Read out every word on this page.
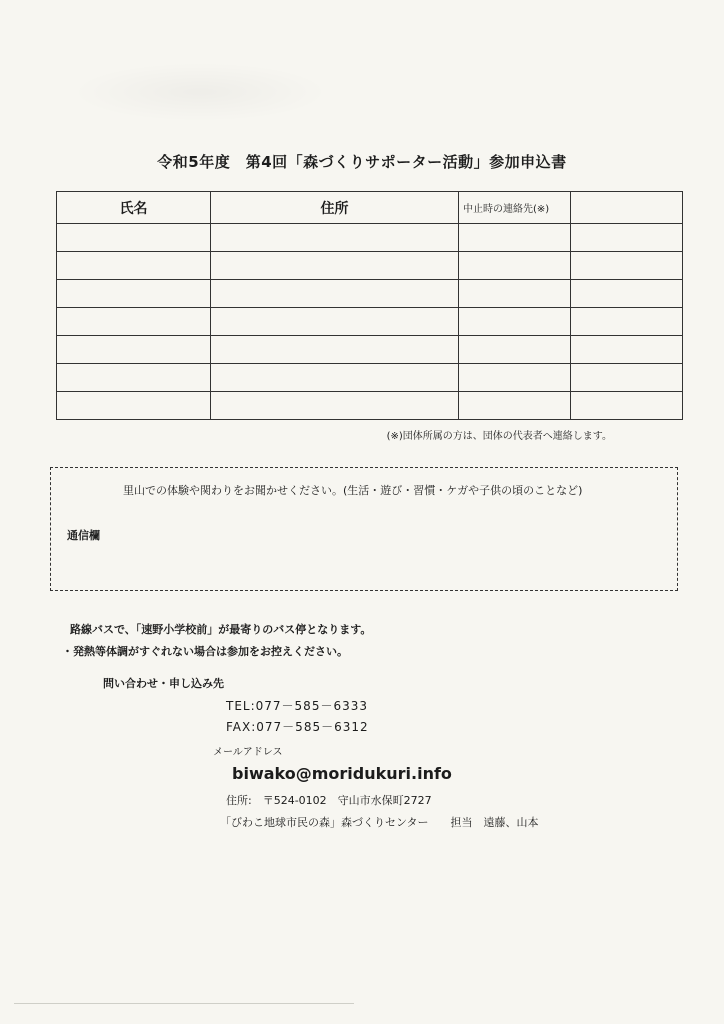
令和5年度　第4回「森づくりサポーター活動」参加申込書
氏名	住所	中止時の連絡先(※)	

(※)団体所属の方は、団体の代表者へ連絡します。
里山での体験や関わりをお聞かせください。(生活・遊び・習慣・ケガや子供の頃のことなど)
通信欄
路線バスで、「速野小学校前」が最寄りのバス停となります。
・発熱等体調がすぐれない場合は参加をお控えください。
問い合わせ・申し込み先
TEL:077－585－6333
FAX:077－585－6312
メールアドレス
biwako@moridukuri.info
住所:　〒524-0102　守山市水保町2727
「びわこ地球市民の森」森づくりセンター　　担当　遠藤、山本
